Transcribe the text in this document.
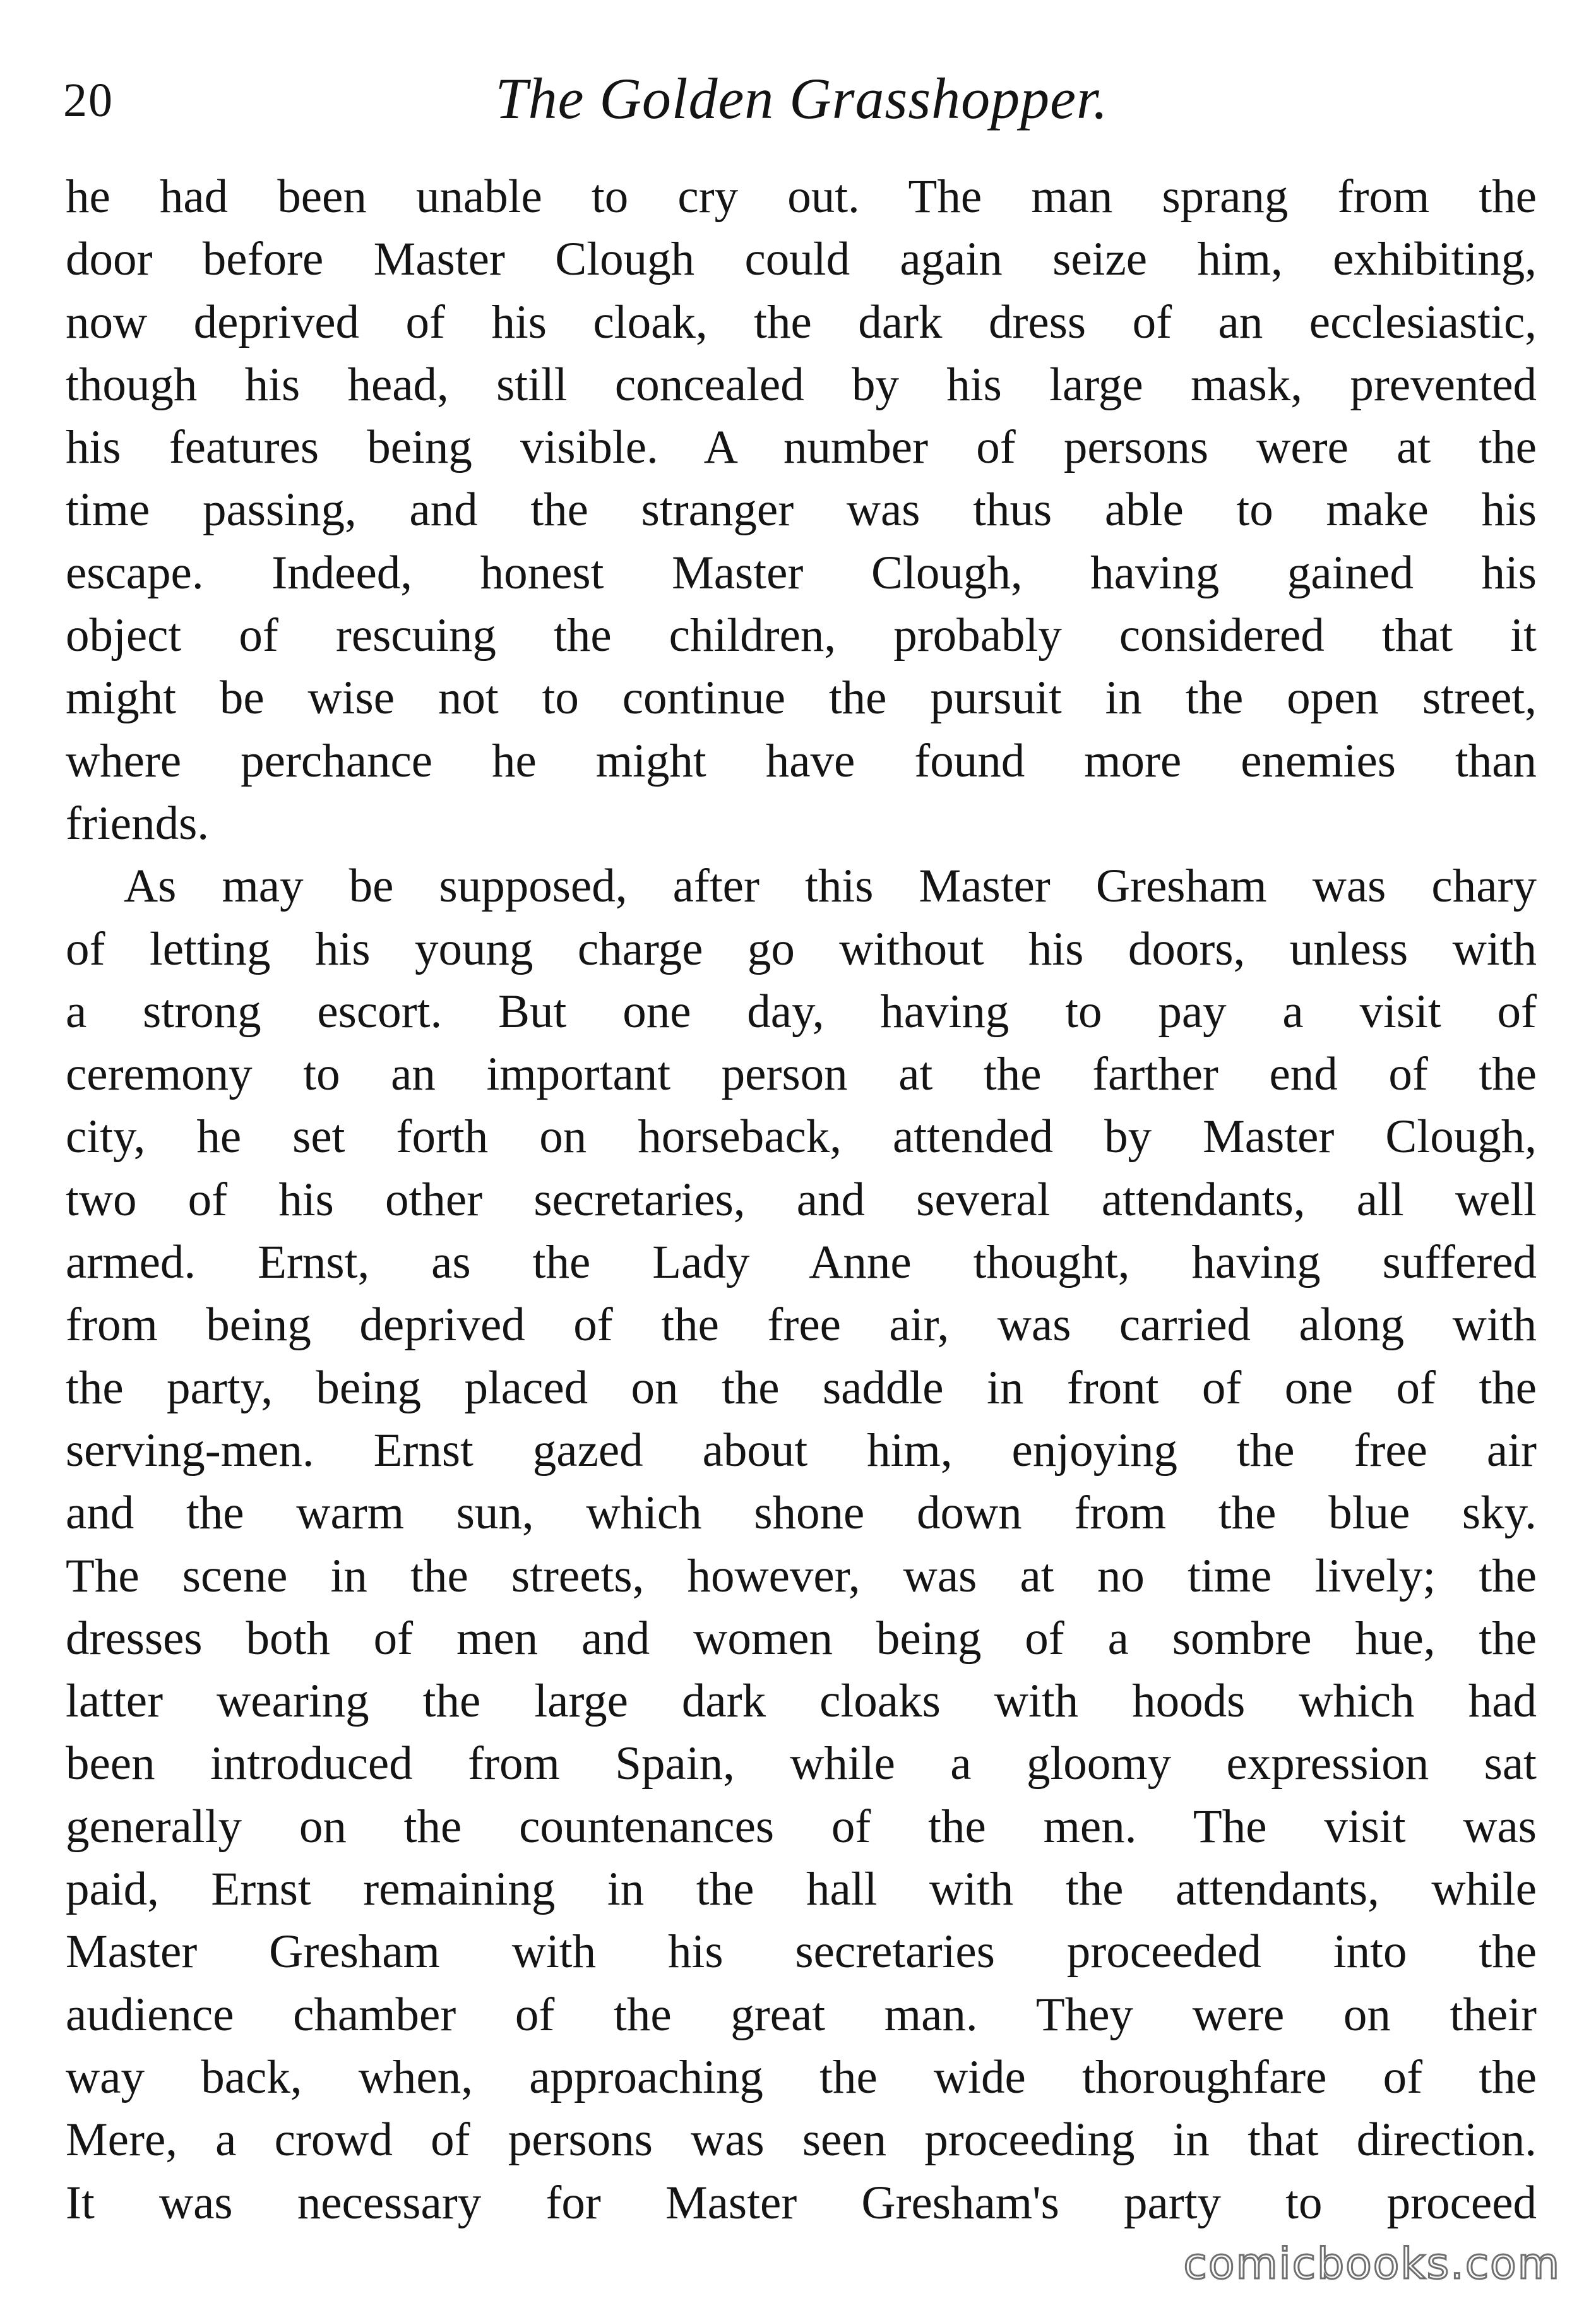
20	The Golden Grasshopper.
he had been unable to cry out. The man sprang from the
door before Master Clough could again seize him, exhibiting,
now deprived of his cloak, the dark dress of an ecclesiastic,
though his head, still concealed by his large mask, prevented
his features being visible. A number of persons were at the
time passing, and the stranger was thus able to make his
escape. Indeed, honest Master Clough, having gained his
object of rescuing the children, probably considered that it
might be wise not to continue the pursuit in the open street,
where perchance he might have found more enemies than
friends.
As may be supposed, after this Master Gresham was chary
of letting his young charge go without his doors, unless with
a strong escort. But one day, having to pay a visit of
ceremony to an important person at the farther end of the
city, he set forth on horseback, attended by Master Clough,
two of his other secretaries, and several attendants, all well
armed. Ernst, as the Lady Anne thought, having suffered
from being deprived of the free air, was carried along with
the party, being placed on the saddle in front of one of the
serving-men. Ernst gazed about him, enjoying the free air
and the warm sun, which shone down from the blue sky.
The scene in the streets, however, was at no time lively; the
dresses both of men and women being of a sombre hue, the
latter wearing the large dark cloaks with hoods which had
been introduced from Spain, while a gloomy expression sat
generally on the countenances of the men. The visit was
paid, Ernst remaining in the hall with the attendants, while
Master Gresham with his secretaries proceeded into the
audience chamber of the great man. They were on their
way back, when, approaching the wide thoroughfare of the
Mere, a crowd of persons was seen proceeding in that direction.
It was necessary for Master Gresham's party to proceed
comicbooks.com
